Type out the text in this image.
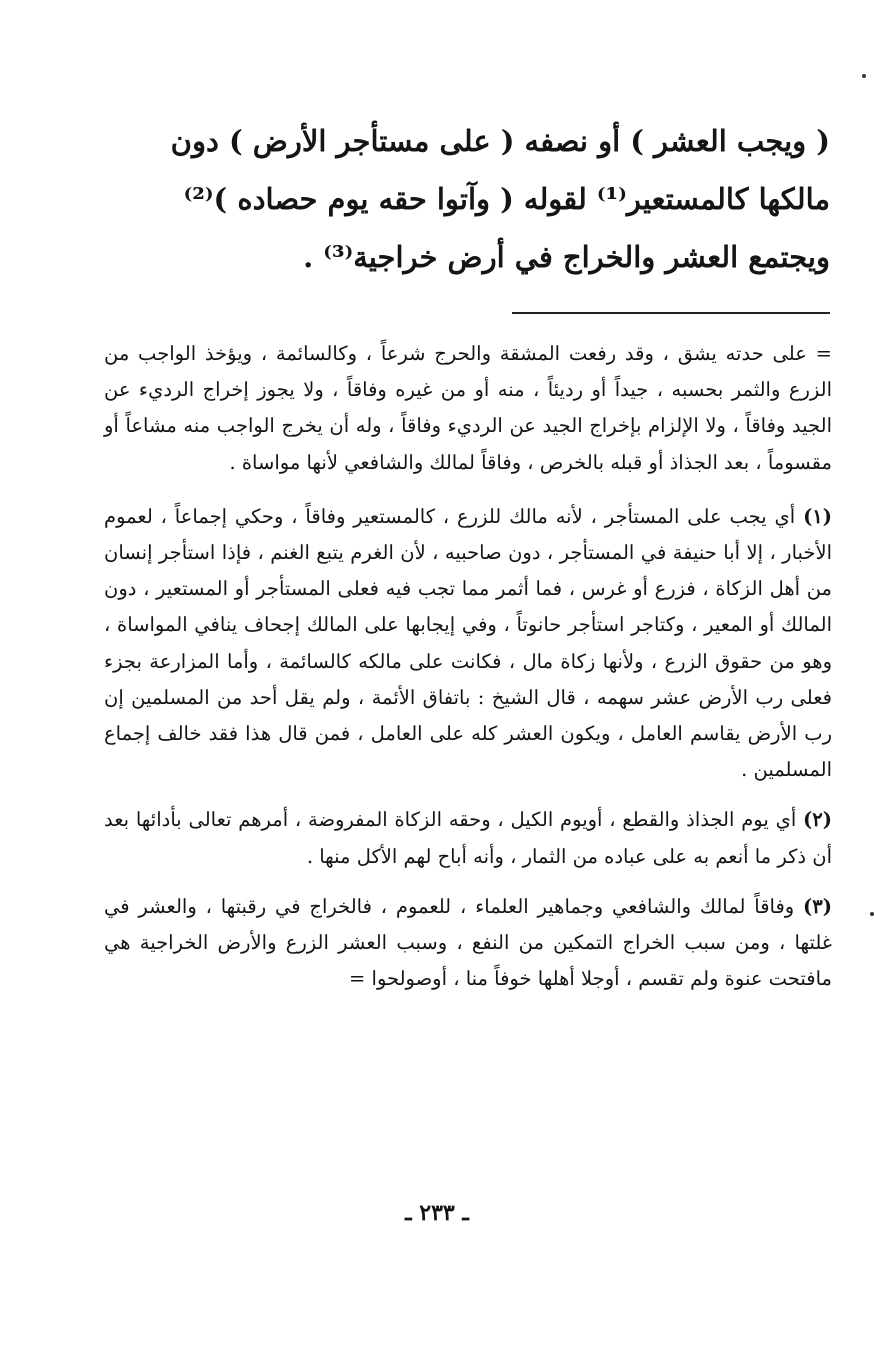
( ويجب العشر ) أو نصفه ( على مستأجر الأرض ) دون

مالكها كالمستعير⁽¹⁾ لقوله ( وآتوا حقه يوم حصاده )⁽²⁾

ويجتمع العشر والخراج في أرض خراجية⁽³⁾ .

= على حدته يشق ، وقد رفعت المشقة والحرج شرعاً ، وكالسائمة ، ويؤخذ الواجب من الزرع والثمر بحسبه ، جيداً أو رديئاً ، منه أو من غيره وفاقاً ، ولا يجوز إخراج الرديء عن الجيد وفاقاً ، ولا الإلزام بإخراج الجيد عن الرديء وفاقاً ، وله أن يخرج الواجب منه مشاعاً أو مقسوماً ، بعد الجذاذ أو قبله بالخرص ، وفاقاً لمالك والشافعي لأنها مواساة .

(١) أي يجب على المستأجر ، لأنه مالك للزرع ، كالمستعير وفاقاً ، وحكي إجماعاً ، لعموم الأخبار ، إلا أبا حنيفة في المستأجر ، دون صاحبيه ، لأن الغرم يتبع الغنم ، فإذا استأجر إنسان من أهل الزكاة ، فزرع أو غرس ، فما أثمر مما تجب فيه فعلى المستأجر أو المستعير ، دون المالك أو المعير ، وكتاجر استأجر حانوتاً ، وفي إيجابها على المالك إجحاف ينافي المواساة ، وهو من حقوق الزرع ، ولأنها زكاة مال ، فكانت على مالكه كالسائمة ، وأما المزارعة بجزء فعلى رب الأرض عشر سهمه ، قال الشيخ : باتفاق الأئمة ، ولم يقل أحد من المسلمين إن رب الأرض يقاسم العامل ، ويكون العشر كله على العامل ، فمن قال هذا فقد خالف إجماع المسلمين .

(٢) أي يوم الجذاذ والقطع ، أويوم الكيل ، وحقه الزكاة المفروضة ، أمرهم تعالى بأدائها بعد أن ذكر ما أنعم به على عباده من الثمار ، وأنه أباح لهم الأكل منها .

(٣) وفاقاً لمالك والشافعي وجماهير العلماء ، للعموم ، فالخراج في رقبتها ، والعشر في غلتها ، ومن سبب الخراج التمكين من النفع ، وسبب العشر الزرع والأرض الخراجية هي مافتحت عنوة ولم تقسم ، أوجلا أهلها خوفاً منا ، أوصولحوا =

ـ ٢٣٣ ـ
